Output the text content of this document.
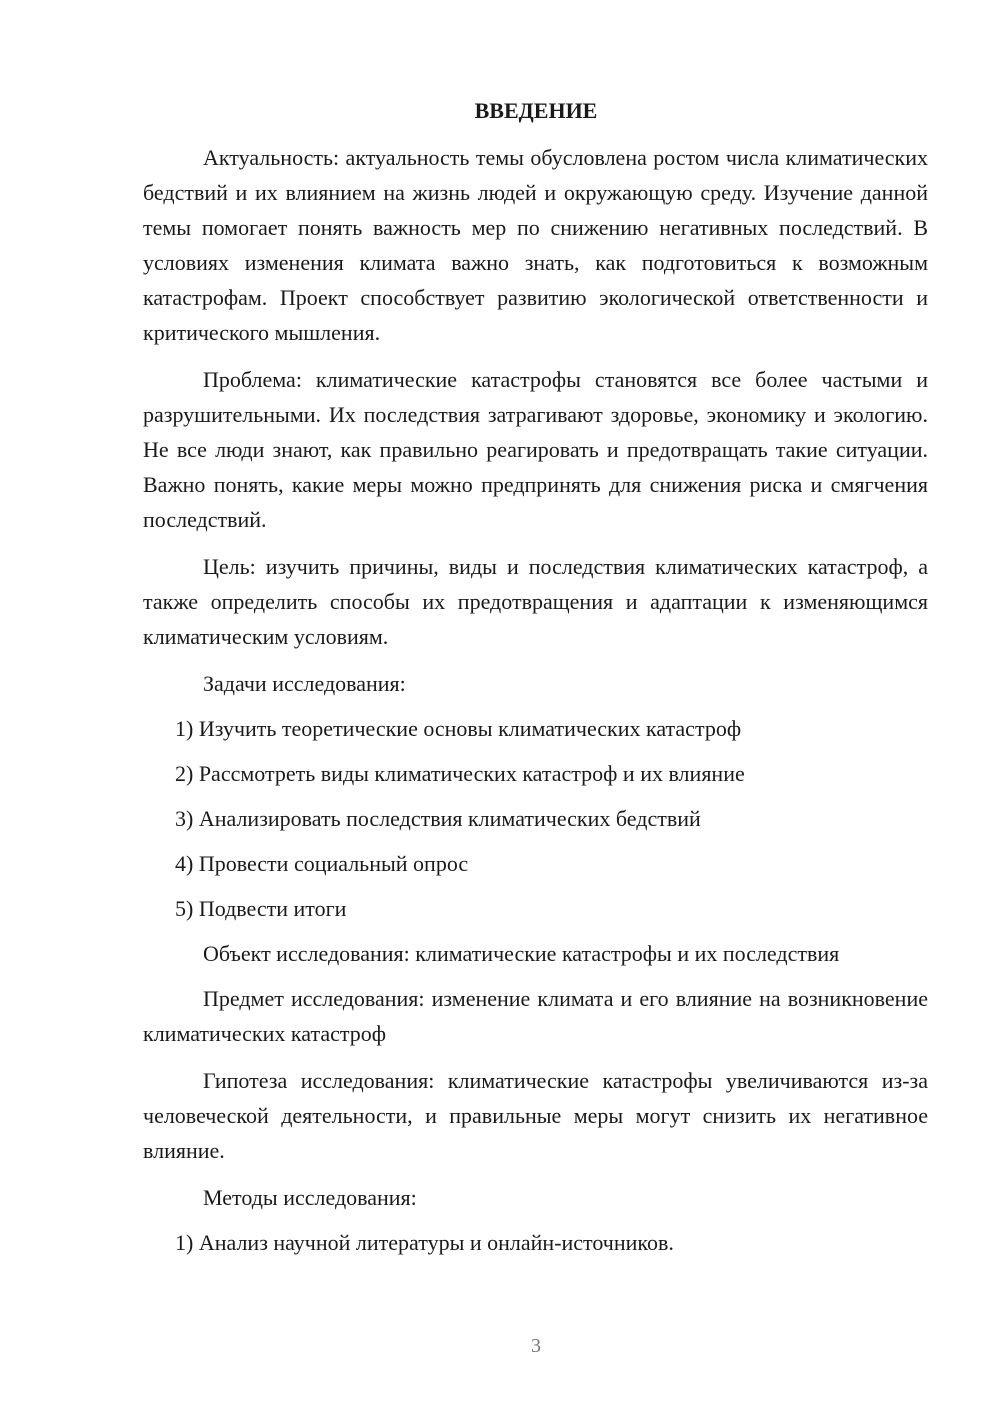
ВВЕДЕНИЕ

Актуальность: актуальность темы обусловлена ростом числа климатических бедствий и их влиянием на жизнь людей и окружающую среду. Изучение данной темы помогает понять важность мер по снижению негативных последствий. В условиях изменения климата важно знать, как подготовиться к возможным катастрофам. Проект способствует развитию экологической ответственности и критического мышления.

Проблема: климатические катастрофы становятся все более частыми и разрушительными. Их последствия затрагивают здоровье, экономику и экологию. Не все люди знают, как правильно реагировать и предотвращать такие ситуации. Важно понять, какие меры можно предпринять для снижения риска и смягчения последствий.

Цель: изучить причины, виды и последствия климатических катастроф, а также определить способы их предотвращения и адаптации к изменяющимся климатическим условиям.

Задачи исследования:
1) Изучить теоретические основы климатических катастроф
2) Рассмотреть виды климатических катастроф и их влияние
3) Анализировать последствия климатических бедствий
4) Провести социальный опрос
5) Подвести итоги
Объект исследования: климатические катастрофы и их последствия

Предмет исследования: изменение климата и его влияние на возникновение климатических катастроф

Гипотеза исследования: климатические катастрофы увеличиваются из-за человеческой деятельности, и правильные меры могут снизить их негативное влияние.

Методы исследования:
1) Анализ научной литературы и онлайн-источников.
3
